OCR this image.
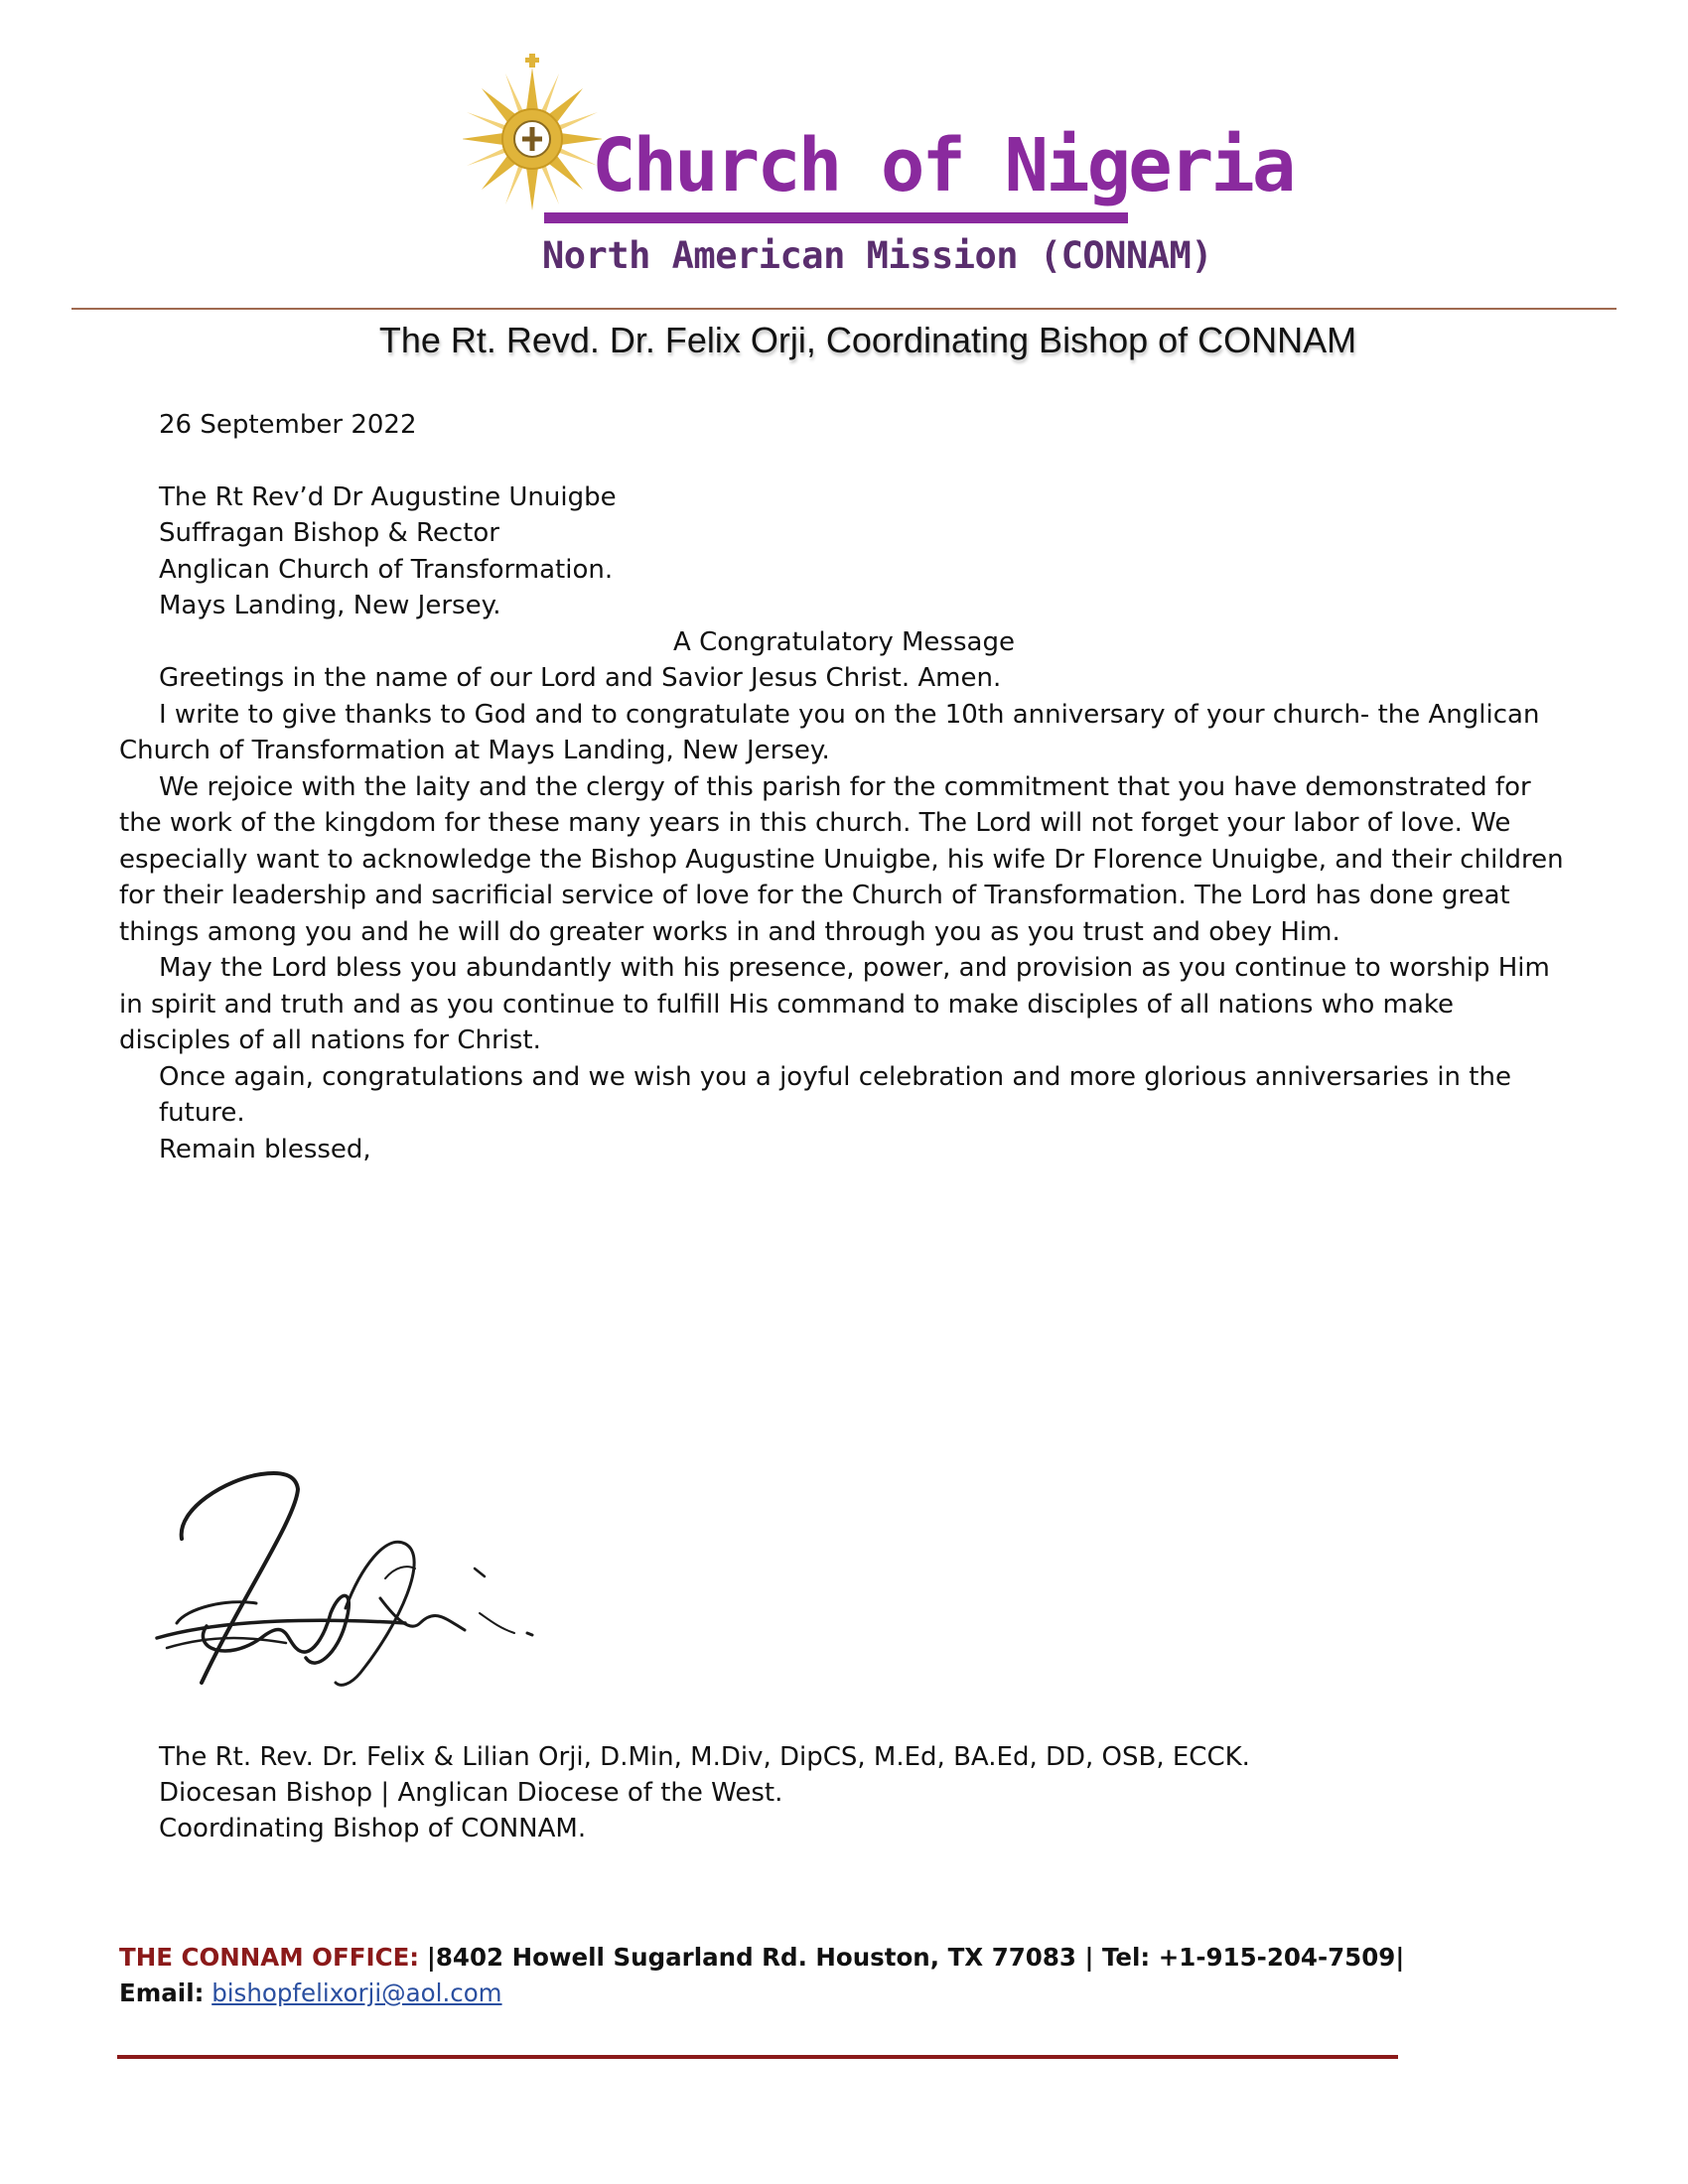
Church of Nigeria
North American Mission (CONNAM)
The Rt. Revd. Dr. Felix Orji, Coordinating Bishop of CONNAM

26 September 2022

The Rt Rev’d Dr Augustine Unuigbe
Suffragan Bishop & Rector
Anglican Church of Transformation.
Mays Landing, New Jersey.

A Congratulatory Message

Greetings in the name of our Lord and Savior Jesus Christ. Amen.

I write to give thanks to God and to congratulate you on the 10th anniversary of your church- the Anglican Church of Transformation at Mays Landing, New Jersey.

We rejoice with the laity and the clergy of this parish for the commitment that you have demonstrated for the work of the kingdom for these many years in this church. The Lord will not forget your labor of love. We especially want to acknowledge the Bishop Augustine Unuigbe, his wife Dr Florence Unuigbe, and their children for their leadership and sacrificial service of love for the Church of Transformation. The Lord has done great things among you and he will do greater works in and through you as you trust and obey Him.

May the Lord bless you abundantly with his presence, power, and provision as you continue to worship Him in spirit and truth and as you continue to fulfill His command to make disciples of all nations who make disciples of all nations for Christ.

Once again, congratulations and we wish you a joyful celebration and more glorious anniversaries in the future.

Remain blessed,

The Rt. Rev. Dr. Felix & Lilian Orji, D.Min, M.Div, DipCS, M.Ed, BA.Ed, DD, OSB, ECCK.
Diocesan Bishop | Anglican Diocese of the West.
Coordinating Bishop of CONNAM.
THE CONNAM OFFICE: |8402 Howell Sugarland Rd. Houston, TX 77083 | Tel: +1-915-204-7509|
Email: bishopfelixorji@aol.com
